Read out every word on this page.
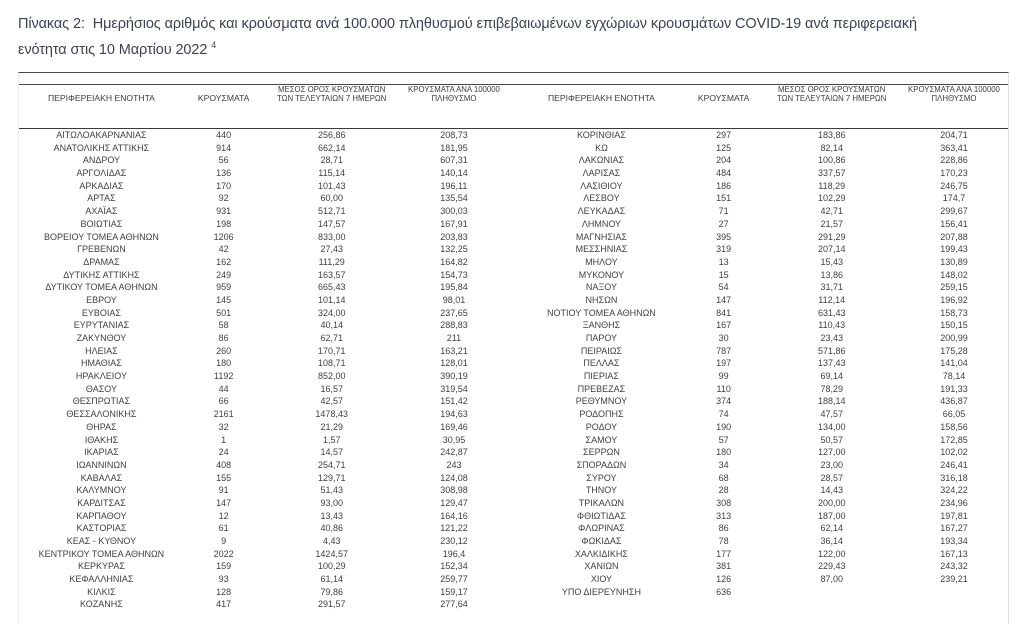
Πίνακας 2:  Ημερήσιος αριθμός και κρούσματα ανά 100.000 πληθυσμού επιβεβαιωμένων εγχώριων κρουσμάτων COVID-19 ανά περιφερειακή
ενότητα στις 10 Μαρτίου 2022 $^4$
ΠΕΡΙΦΕΡΕΙΑΚΗ ΕΝΟΤΗΤΑ	ΚΡΟΥΣΜΑΤΑ	ΜΕΣΟΣ ΟΡΟΣ ΚΡΟΥΣΜΑΤΩΝ
ΤΩΝ ΤΕΛΕΥΤΑΙΩΝ 7 ΗΜΕΡΩΝ	ΚΡΟΥΣΜΑΤΑ ΑΝΑ 100000
ΠΛΗΘΥΣΜΟ	ΠΕΡΙΦΕΡΕΙΑΚΗ ΕΝΟΤΗΤΑ	ΚΡΟΥΣΜΑΤΑ	ΜΕΣΟΣ ΟΡΟΣ ΚΡΟΥΣΜΑΤΩΝ
ΤΩΝ ΤΕΛΕΥΤΑΙΩΝ 7 ΗΜΕΡΩΝ	ΚΡΟΥΣΜΑΤΑ ΑΝΑ 100000
ΠΛΗΘΥΣΜΟ
ΑΙΤΩΛΟΑΚΑΡΝΑΝΙΑΣ	440	256,86	208,73
ΑΝΑΤΟΛΙΚΗΣ ΑΤΤΙΚΗΣ	914	662,14	181,95
ΑΝΔΡΟΥ	56	28,71	607,31
ΑΡΓΟΛΙΔΑΣ	136	115,14	140,14
ΑΡΚΑΔΙΑΣ	170	101,43	196,11
ΑΡΤΑΣ	92	60,00	135,54
ΑΧΑΪΑΣ	931	512,71	300,03
ΒΟΙΩΤΙΑΣ	198	147,57	167,91
ΒΟΡΕΙΟΥ ΤΟΜΕΑ ΑΘΗΝΩΝ	1206	833,00	203,83
ΓΡΕΒΕΝΩΝ	42	27,43	132,25
ΔΡΑΜΑΣ	162	111,29	164,82
ΔΥΤΙΚΗΣ ΑΤΤΙΚΗΣ	249	163,57	154,73
ΔΥΤΙΚΟΥ ΤΟΜΕΑ ΑΘΗΝΩΝ	959	665,43	195,84
ΕΒΡΟΥ	145	101,14	98,01
ΕΥΒΟΙΑΣ	501	324,00	237,65
ΕΥΡΥΤΑΝΙΑΣ	58	40,14	288,83
ΖΑΚΥΝΘΟΥ	86	62,71	211
ΗΛΕΙΑΣ	260	170,71	163,21
ΗΜΑΘΙΑΣ	180	108,71	128,01
ΗΡΑΚΛΕΙΟΥ	1192	852,00	390,19
ΘΑΣΟΥ	44	16,57	319,54
ΘΕΣΠΡΩΤΙΑΣ	66	42,57	151,42
ΘΕΣΣΑΛΟΝΙΚΗΣ	2161	1478,43	194,63
ΘΗΡΑΣ	32	21,29	169,46
ΙΘΑΚΗΣ	1	1,57	30,95
ΙΚΑΡΙΑΣ	24	14,57	242,87
ΙΩΑΝΝΙΝΩΝ	408	254,71	243
ΚΑΒΑΛΑΣ	155	129,71	124,08
ΚΑΛΥΜΝΟΥ	91	51,43	308,98
ΚΑΡΔΙΤΣΑΣ	147	93,00	129,47
ΚΑΡΠΑΘΟΥ	12	13,43	164,16
ΚΑΣΤΟΡΙΑΣ	61	40,86	121,22
ΚΕΑΣ - ΚΥΘΝΟΥ	9	4,43	230,12
ΚΕΝΤΡΙΚΟΥ ΤΟΜΕΑ ΑΘΗΝΩΝ	2022	1424,57	196,4
ΚΕΡΚΥΡΑΣ	159	100,29	152,34
ΚΕΦΑΛΛΗΝΙΑΣ	93	61,14	259,77
ΚΙΛΚΙΣ	128	79,86	159,17
ΚΟΖΑΝΗΣ	417	291,57	277,64
ΚΟΡΙΝΘΙΑΣ	297	183,86	204,71
ΚΩ	125	82,14	363,41
ΛΑΚΩΝΙΑΣ	204	100,86	228,86
ΛΑΡΙΣΑΣ	484	337,57	170,23
ΛΑΣΙΘΙΟΥ	186	118,29	246,75
ΛΕΣΒΟΥ	151	102,29	174,7
ΛΕΥΚΑΔΑΣ	71	42,71	299,67
ΛΗΜΝΟΥ	27	21,57	156,41
ΜΑΓΝΗΣΙΑΣ	395	291,29	207,88
ΜΕΣΣΗΝΙΑΣ	319	207,14	199,43
ΜΗΛΟΥ	13	15,43	130,89
ΜΥΚΟΝΟΥ	15	13,86	148,02
ΝΑΞΟΥ	54	31,71	259,15
ΝΗΣΩΝ	147	112,14	196,92
ΝΟΤΙΟΥ ΤΟΜΕΑ ΑΘΗΝΩΝ	841	631,43	158,73
ΞΑΝΘΗΣ	167	110,43	150,15
ΠΑΡΟΥ	30	23,43	200,99
ΠΕΙΡΑΙΩΣ	787	571,86	175,28
ΠΕΛΛΑΣ	197	137,43	141,04
ΠΙΕΡΙΑΣ	99	69,14	78,14
ΠΡΕΒΕΖΑΣ	110	78,29	191,33
ΡΕΘΥΜΝΟΥ	374	188,14	436,87
ΡΟΔΟΠΗΣ	74	47,57	66,05
ΡΟΔΟΥ	190	134,00	158,56
ΣΑΜΟΥ	57	50,57	172,85
ΣΕΡΡΩΝ	180	127,00	102,02
ΣΠΟΡΑΔΩΝ	34	23,00	246,41
ΣΥΡΟΥ	68	28,57	316,18
ΤΗΝΟΥ	28	14,43	324,22
ΤΡΙΚΑΛΩΝ	308	200,00	234,96
ΦΘΙΩΤΙΔΑΣ	313	187,00	197,81
ΦΛΩΡΙΝΑΣ	86	62,14	167,27
ΦΩΚΙΔΑΣ	78	36,14	193,34
ΧΑΛΚΙΔΙΚΗΣ	177	122,00	167,13
ΧΑΝΙΩΝ	381	229,43	243,32
ΧΙΟΥ	126	87,00	239,21
ΥΠΟ ΔΙΕΡΕΥΝΗΣΗ	636		
